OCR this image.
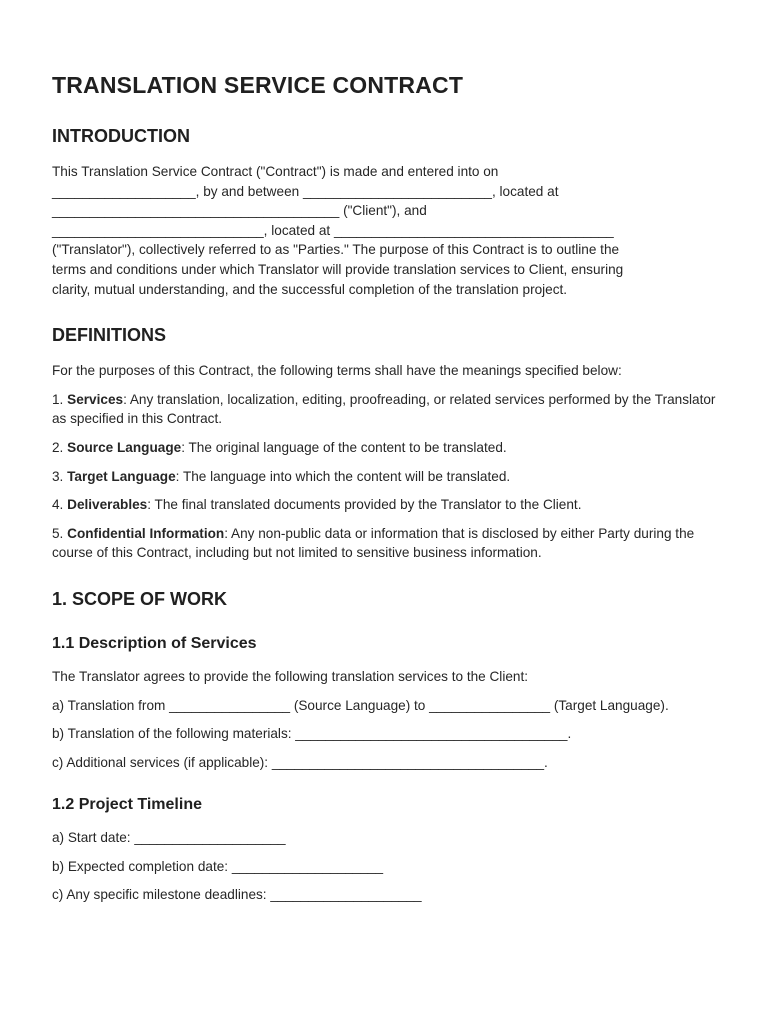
TRANSLATION SERVICE CONTRACT
INTRODUCTION

This Translation Service Contract ("Contract") is made and entered into on
___________________, by and between _________________________, located at
______________________________________ ("Client"), and
____________________________, located at _____________________________________
("Translator"), collectively referred to as "Parties." The purpose of this Contract is to outline the
terms and conditions under which Translator will provide translation services to Client, ensuring
clarity, mutual understanding, and the successful completion of the translation project.

DEFINITIONS

For the purposes of this Contract, the following terms shall have the meanings specified below:

1. Services: Any translation, localization, editing, proofreading, or related services performed by the Translator as specified in this Contract.

2. Source Language: The original language of the content to be translated.

3. Target Language: The language into which the content will be translated.

4. Deliverables: The final translated documents provided by the Translator to the Client.

5. Confidential Information: Any non-public data or information that is disclosed by either Party during the course of this Contract, including but not limited to sensitive business information.

1. SCOPE OF WORK
1.1 Description of Services

The Translator agrees to provide the following translation services to the Client:

a) Translation from ________________ (Source Language) to ________________ (Target Language).

b) Translation of the following materials: ____________________________________.

c) Additional services (if applicable): ____________________________________.

1.2 Project Timeline

a) Start date: ____________________

b) Expected completion date: ____________________

c) Any specific milestone deadlines: ____________________
